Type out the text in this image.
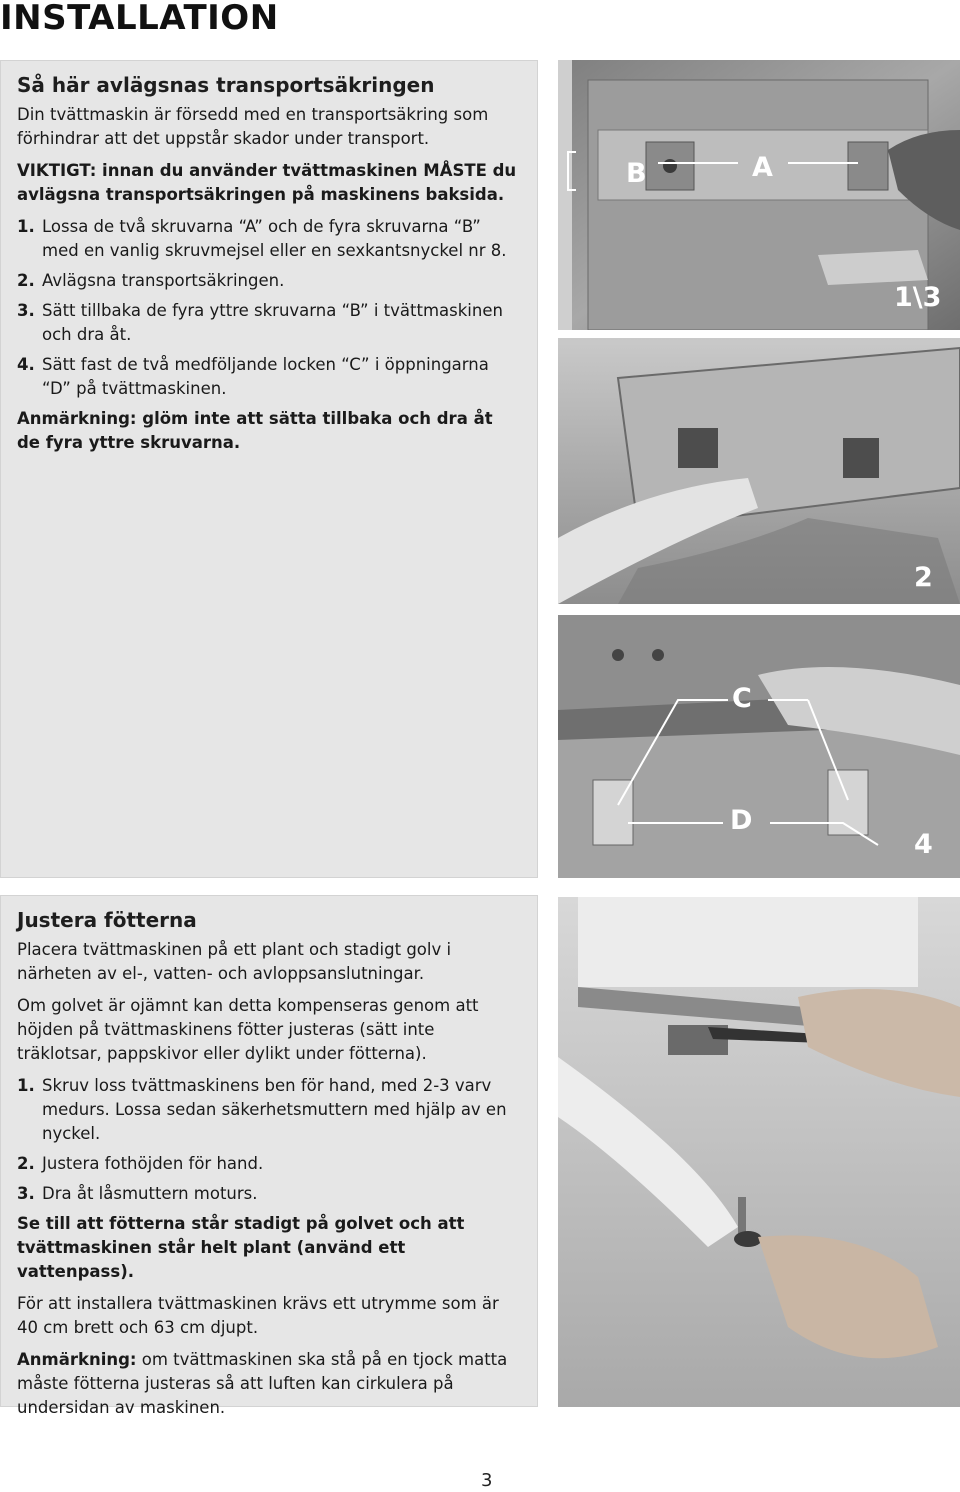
INSTALLATION
Så här avlägsnas transportsäkringen

Din tvättmaskin är försedd med en transportsäkring som förhindrar att det uppstår skador under transport.

VIKTIGT: innan du använder tvättmaskinen MÅSTE du avlägsna transportsäkringen på maskinens baksida.

1. Lossa de två skruvarna “A” och de fyra skruvarna “B” med en vanlig skruvmejsel eller en sexkantsnyckel nr 8.
2. Avlägsna transportsäkringen.
3. Sätt tillbaka de fyra yttre skruvarna “B” i tvättmaskinen och dra åt.
4. Sätt fast de två medföljande locken “C” i öppningarna “D” på tvättmaskinen.

Anmärkning: glöm inte att sätta tillbaka och dra åt de fyra yttre skruvarna.

Justera fötterna

Placera tvättmaskinen på ett plant och stadigt golv i närheten av el-, vatten- och avloppsanslutningar.

Om golvet är ojämnt kan detta kompenseras genom att höjden på tvättmaskinens fötter justeras (sätt inte träklotsar, pappskivor eller dylikt under fötterna).

1. Skruv loss tvättmaskinens ben för hand, med 2-3 varv medurs. Lossa sedan säkerhetsmuttern med hjälp av en nyckel.
2. Justera fothöjden för hand.
3. Dra åt låsmuttern moturs.

Se till att fötterna står stadigt på golvet och att tvättmaskinen står helt plant (använd ett vattenpass).

För att installera tvättmaskinen krävs ett utrymme som är 40 cm brett och 63 cm djupt.

Anmärkning: om tvättmaskinen ska stå på en tjock matta måste fötterna justeras så att luften kan cirkulera på undersidan av maskinen.

B	A
1\3
2
C
D
4
3
